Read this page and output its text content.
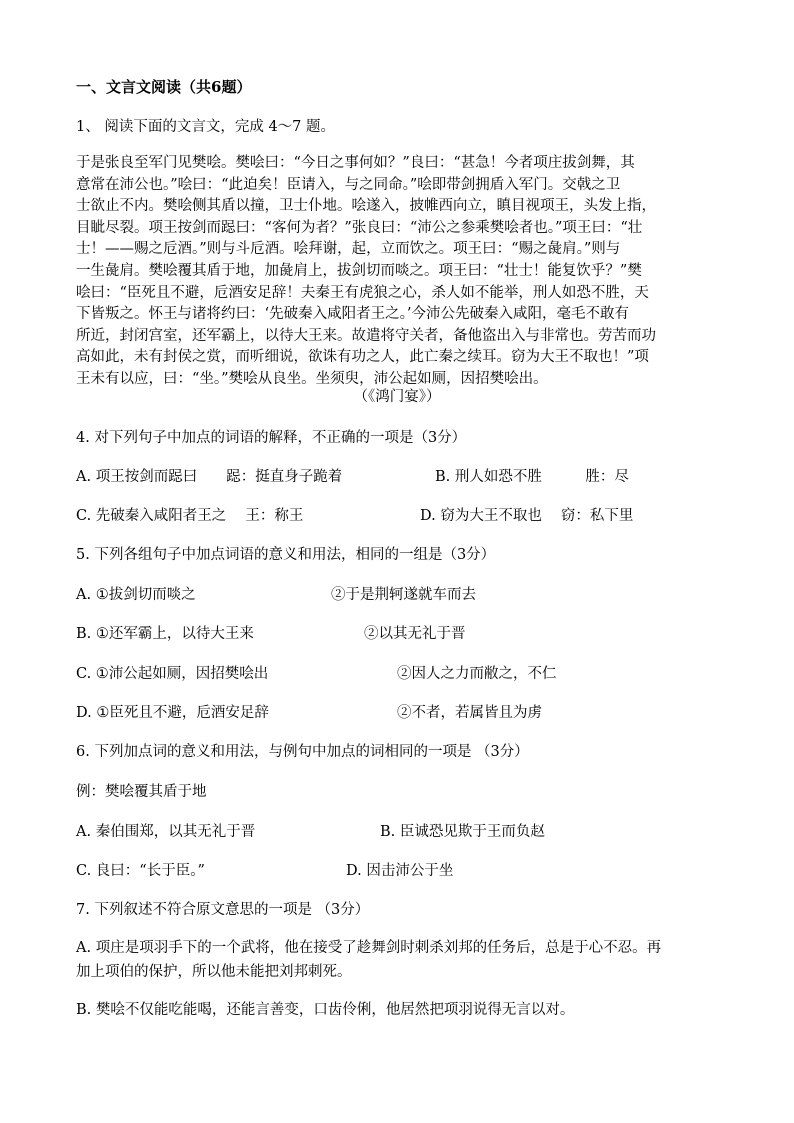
一、文言文阅读（共6题）
1、 阅读下面的文言文，完成 4～7 题。
于是张良至军门见樊哙。樊哙曰：“今日之事何如？”良曰：“甚急！今者项庄拔剑舞，其
意常在沛公也。”哙曰：“此迫矣！臣请入，与之同命。”哙即带剑拥盾入军门。交戟之卫
士欲止不内。樊哙侧其盾以撞，卫士仆地。哙遂入，披帷西向立，瞋目视项王，头发上指，
目眦尽裂。项王按剑而跽曰：“客何为者？”张良曰：“沛公之参乘樊哙者也。”项王曰：“壮
士！——赐之卮酒。”则与斗卮酒。哙拜谢，起，立而饮之。项王曰：“赐之彘肩。”则与
一生彘肩。樊哙覆其盾于地，加彘肩上，拔剑切而啖之。项王曰：“壮士！能复饮乎？”樊
哙曰：“臣死且不避，卮酒安足辞！夫秦王有虎狼之心，杀人如不能举，刑人如恐不胜，天
下皆叛之。怀王与诸将约曰：‘先破秦入咸阳者王之。’今沛公先破秦入咸阳，毫毛不敢有
所近，封闭宫室，还军霸上，以待大王来。故遣将守关者，备他盗出入与非常也。劳苦而功
高如此，未有封侯之赏，而听细说，欲诛有功之人，此亡秦之续耳。窃为大王不取也！”项
王未有以应，曰：“坐。”樊哙从良坐。坐须臾，沛公起如厕，因招樊哙出。
（《鸿门宴》）
4. 对下列句子中加点的词语的解释，不正确的一项是（3分）
A. 项王按剑而跽曰　　跽：挺直身子跪着	B. 刑人如恐不胜　　　胜：尽
C. 先破秦入咸阳者王之　 王：称王	D. 窃为大王不取也　 窃：私下里
5. 下列各组句子中加点词语的意义和用法，相同的一组是（3分）
A. ①拔剑切而啖之	②于是荆轲遂就车而去
B. ①还军霸上，以待大王来	②以其无礼于晋
C. ①沛公起如厕，因招樊哙出	②因人之力而敝之，不仁
D. ①臣死且不避，卮酒安足辞	②不者，若属皆且为虏
6. 下列加点词的意义和用法，与例句中加点的词相同的一项是 （3分）
例：樊哙覆其盾于地
A. 秦伯围郑，以其无礼于晋	B. 臣诚恐见欺于王而负赵
C. 良曰：“长于臣。”	D. 因击沛公于坐
7. 下列叙述不符合原文意思的一项是 （3分）
A. 项庄是项羽手下的一个武将，他在接受了趁舞剑时刺杀刘邦的任务后，总是于心不忍。再
加上项伯的保护，所以他未能把刘邦刺死。
B. 樊哙不仅能吃能喝，还能言善变，口齿伶俐，他居然把项羽说得无言以对。
